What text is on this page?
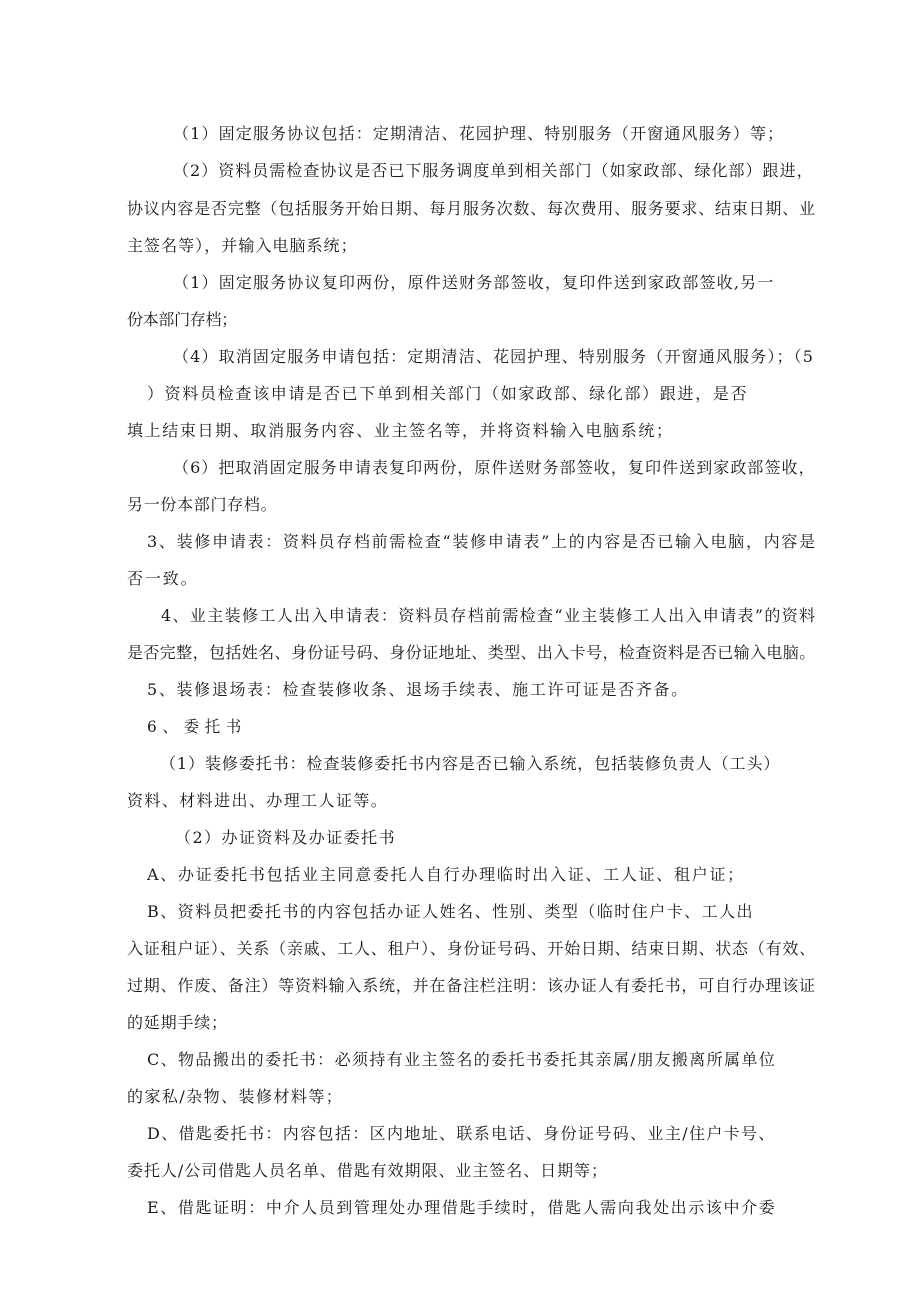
（1）固定服务协议包括：定期清洁、花园护理、特别服务（开窗通风服务）等；
（2）资料员需检查协议是否已下服务调度单到相关部门（如家政部、绿化部）跟进，
协议内容是否完整（包括服务开始日期、每月服务次数、每次费用、服务要求、结束日期、业
主签名等），并输入电脑系统；
（1）固定服务协议复印两份，原件送财务部签收，复印件送到家政部签收,另一
份本部门存档；
（4）取消固定服务申请包括：定期清洁、花园护理、特别服务（开窗通风服务）；（5
）资料员检查该申请是否已下单到相关部门（如家政部、绿化部）跟进，是否
填上结束日期、取消服务内容、业主签名等，并将资料输入电脑系统；
（6）把取消固定服务申请表复印两份，原件送财务部签收，复印件送到家政部签收，
另一份本部门存档。
3、装修申请表：资料员存档前需检查“装修申请表”上的内容是否已输入电脑，内容是
否一致。
4、业主装修工人出入申请表：资料员存档前需检查“业主装修工人出入申请表”的资料
是否完整，包括姓名、身份证号码、身份证地址、类型、出入卡号，检查资料是否已输入电脑。
5、装修退场表：检查装修收条、退场手续表、施工许可证是否齐备。
6、委托书
（1）装修委托书：检查装修委托书内容是否已输入系统，包括装修负责人（工头）
资料、材料进出、办理工人证等。
（2）办证资料及办证委托书
A、办证委托书包括业主同意委托人自行办理临时出入证、工人证、租户证；
B、资料员把委托书的内容包括办证人姓名、性别、类型（临时住户卡、工人出
入证租户证）、关系（亲戚、工人、租户）、身份证号码、开始日期、结束日期、状态（有效、
过期、作废、备注）等资料输入系统，并在备注栏注明：该办证人有委托书，可自行办理该证
的延期手续；
C、物品搬出的委托书：必须持有业主签名的委托书委托其亲属/朋友搬离所属单位
的家私/杂物、装修材料等；
D、借匙委托书：内容包括：区内地址、联系电话、身份证号码、业主/住户卡号、
委托人/公司借匙人员名单、借匙有效期限、业主签名、日期等；
E、借匙证明：中介人员到管理处办理借匙手续时，借匙人需向我处出示该中介委
